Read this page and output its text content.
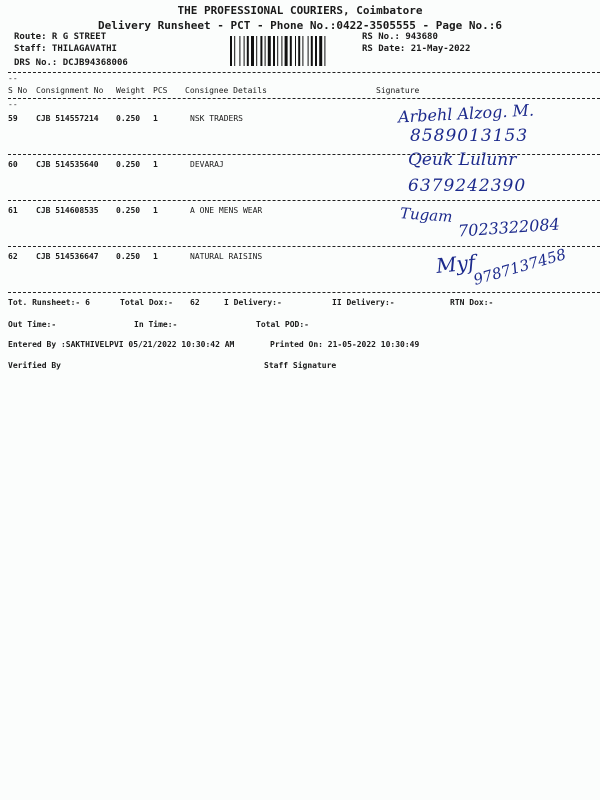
THE PROFESSIONAL COURIERS, Coimbatore
Delivery Runsheet - PCT - Phone No.:0422-3505555 - Page No.:6
Route: R G STREET
Staff: THILAGAVATHI
DRS No.: DCJB94368006
RS No.: 943680
RS Date: 21-May-2022
--
S No Consignment No Weight PCS Consignee Details	Signature
--
59 CJB 514557214 0.250 1	NSK TRADERS	Arbehl Alzog. M.
8589013153
60 CJB 514535640 0.250 1	DEVARAJ	Qeuk Lulunr
6379242390
61 CJB 514608535 0.250 1	A ONE MENS WEAR	Tugam 7023322084
62 CJB 514536647 0.250 1	NATURAL RAISINS	Myf
9787137458
Tot. Runsheet:- 6	Total Dox:- 62	I Delivery:-	II Delivery:-	RTN Dox:-
Out Time:-	In Time:-	Total POD:-
Entered By :SAKTHIVELPVI 05/21/2022 10:30:42 AM	Printed On: 21-05-2022 10:30:49
Verified By	Staff Signature
